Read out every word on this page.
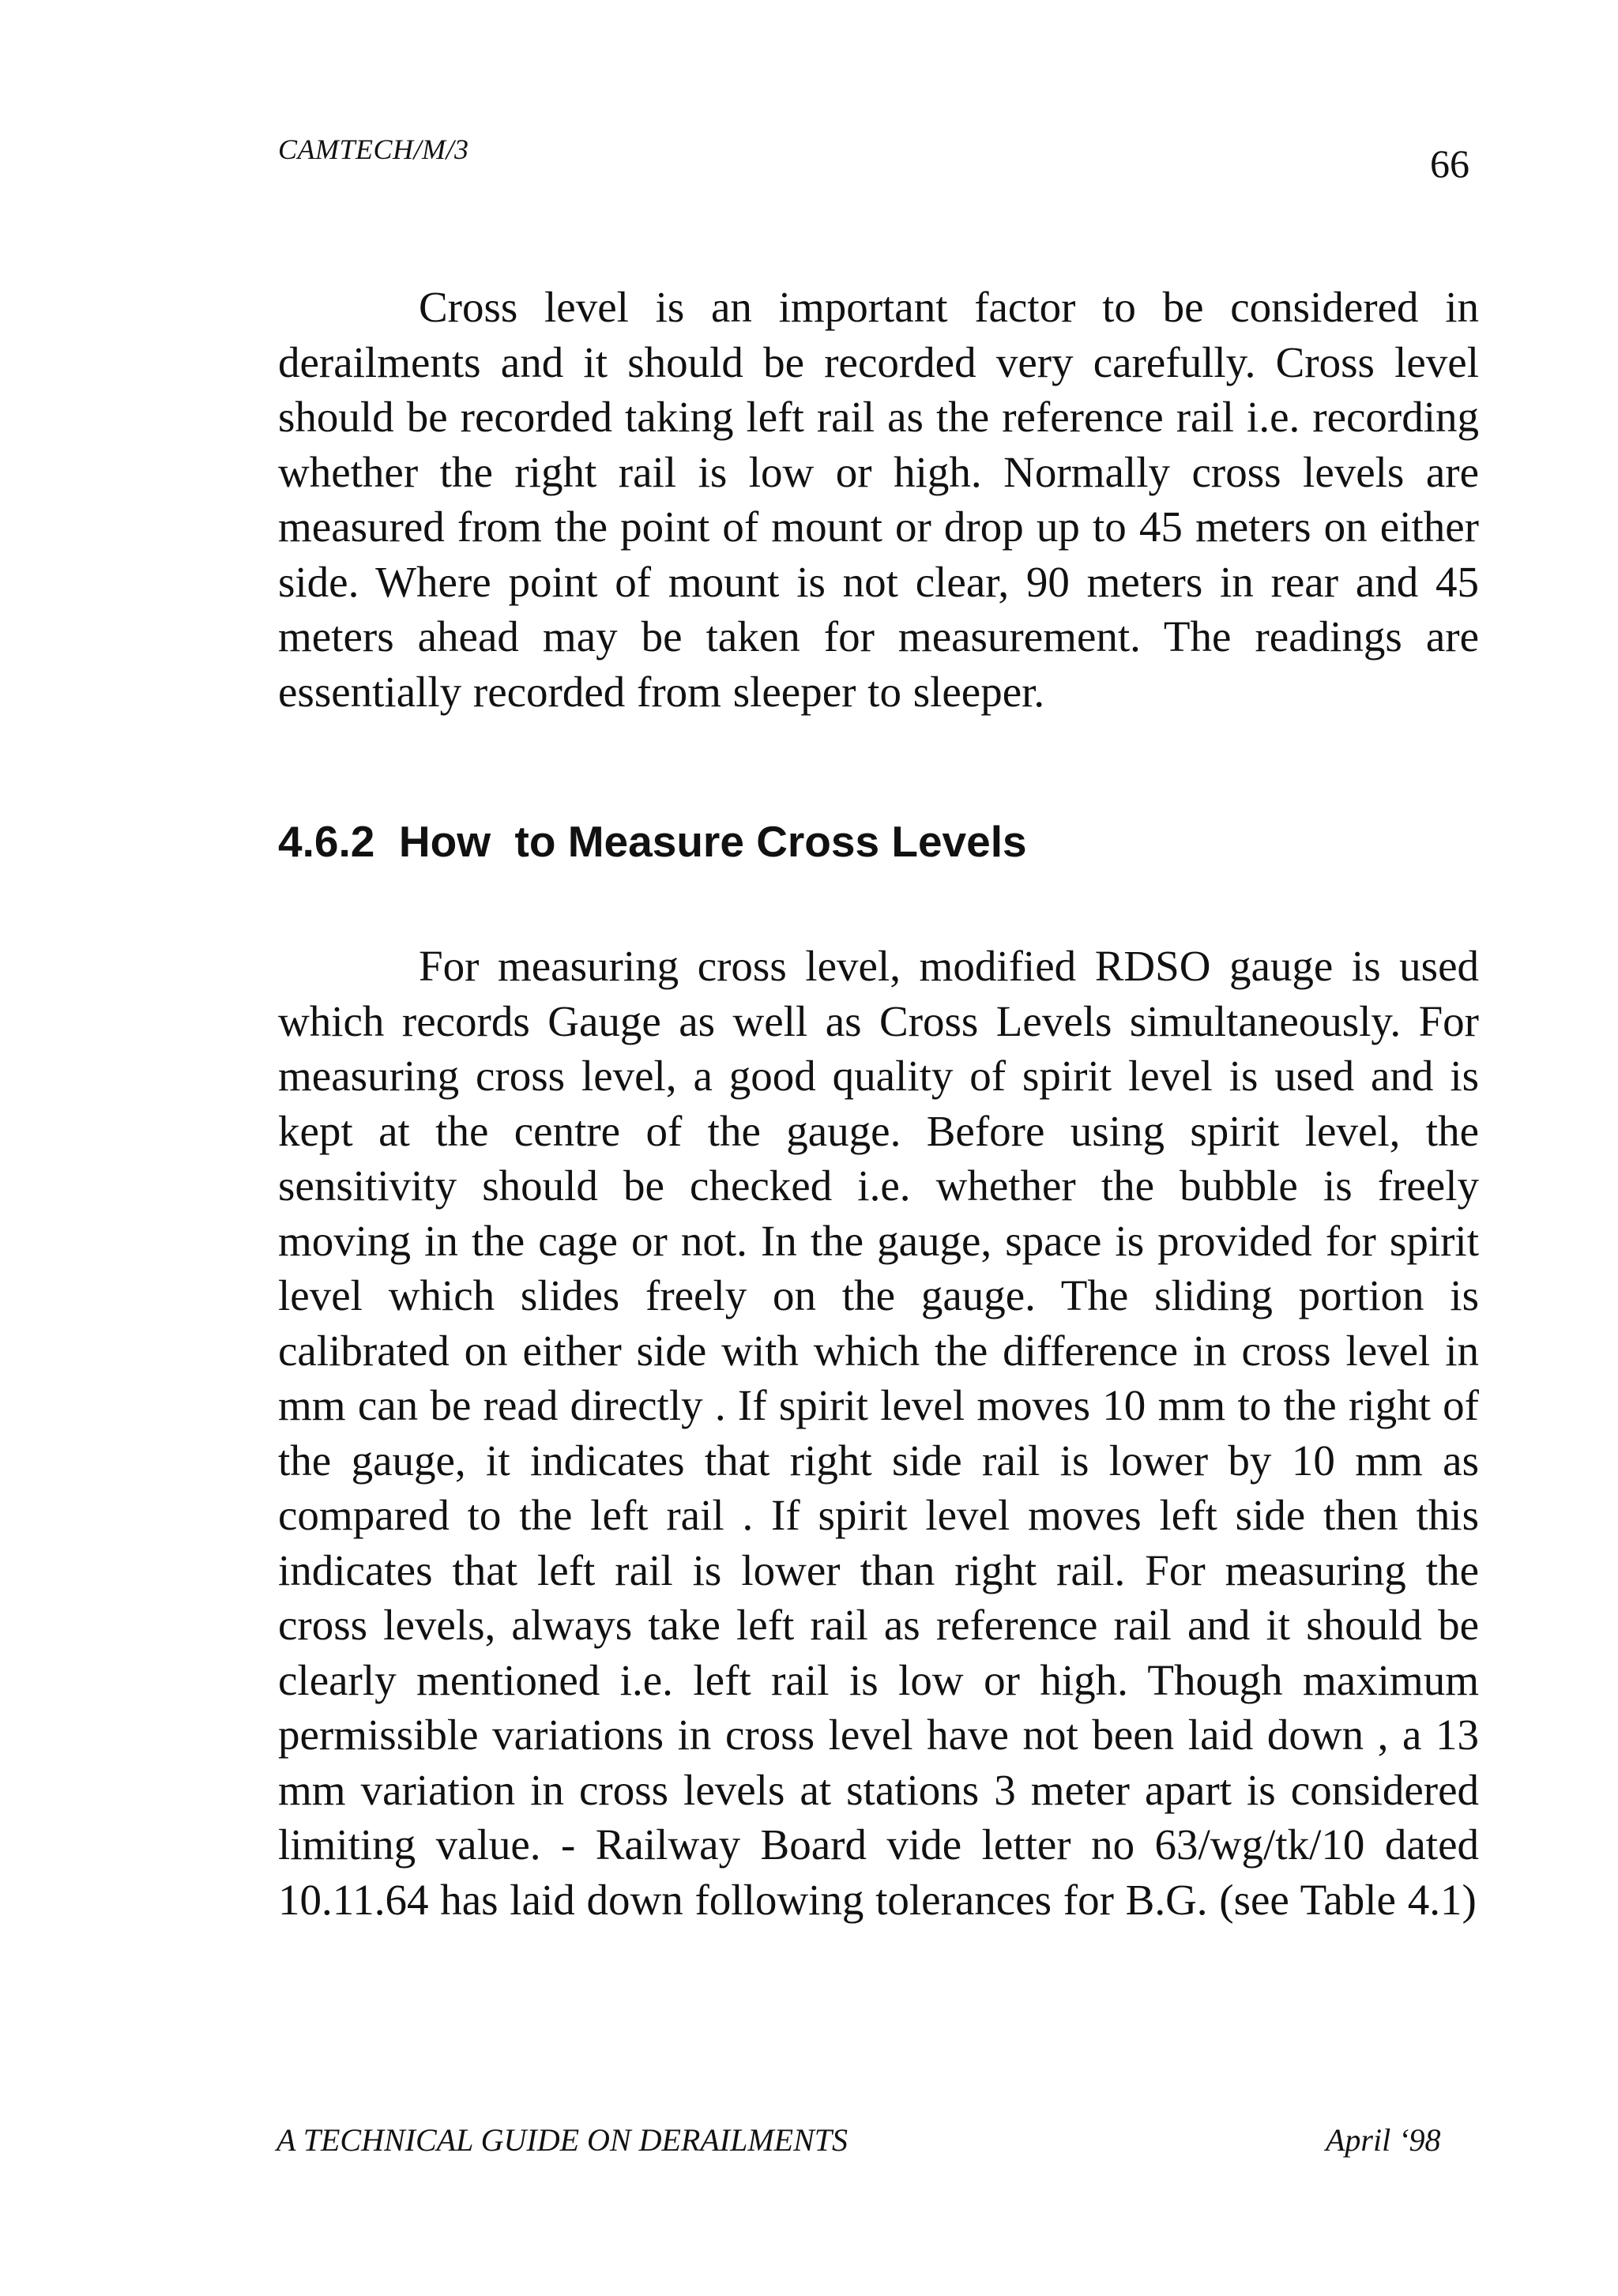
CAMTECH/M/3	66

Cross level is an important factor to be considered in derailments and it should be recorded very carefully. Cross level should be recorded taking left rail as the reference rail i.e. recording whether the right rail is low or high. Normally cross levels are measured from the point of mount or drop up to 45 meters on either side. Where point of mount is not clear, 90 meters in rear and 45 meters ahead may be taken for measurement. The readings are essentially recorded from sleeper to sleeper.

4.6.2  How  to Measure Cross Levels

For measuring cross level, modified RDSO gauge is used which records Gauge as well as Cross Levels simultaneously. For measuring cross level, a good quality of spirit level is used and is kept at the centre of the gauge. Before using spirit level, the sensitivity should be checked i.e. whether the bubble is freely moving in the cage or not. In the gauge, space is provided for spirit level which slides freely on the gauge. The sliding portion is calibrated on either side with which the difference in cross level in mm can be read directly . If spirit level moves 10 mm to the right of the gauge, it indicates that right side rail is lower by 10 mm as compared to the left rail . If spirit level moves left side then this indicates that left rail is lower than right rail. For measuring the cross levels, always take left rail as reference rail and it should be clearly mentioned i.e. left rail is low or high. Though maximum permissible variations in cross level have not been laid down , a 13 mm variation in cross levels at stations 3 meter apart is considered limiting value. - Railway Board vide letter no 63/wg/tk/10 dated 10.11.64 has laid down following tolerances for B.G. (see Table 4.1)

A TECHNICAL GUIDE ON DERAILMENTS	April ‘98
